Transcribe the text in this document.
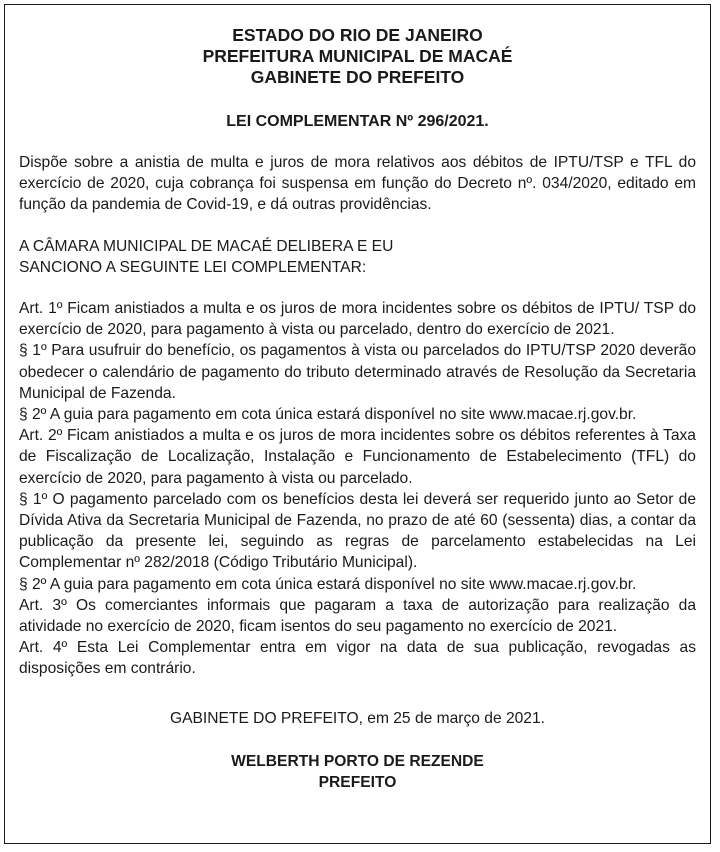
ESTADO DO RIO DE JANEIRO
PREFEITURA MUNICIPAL DE MACAÉ
GABINETE DO PREFEITO
LEI COMPLEMENTAR Nº 296/2021.

Dispõe sobre a anistia de multa e juros de mora relativos aos débitos de IPTU/TSP e TFL do exercício de 2020, cuja cobrança foi suspensa em função do Decreto nº. 034/2020, editado em função da pandemia de Covid-19, e dá outras providências.

A CÂMARA MUNICIPAL DE MACAÉ DELIBERA E EU

SANCIONO A SEGUINTE LEI COMPLEMENTAR:

Art. 1º Ficam anistiados a multa e os juros de mora incidentes sobre os débitos de IPTU/ TSP do exercício de 2020, para pagamento à vista ou parcelado, dentro do exercício de 2021.

§ 1º Para usufruir do benefício, os pagamentos à vista ou parcelados do IPTU/TSP 2020 deverão obedecer o calendário de pagamento do tributo determinado através de Resolução da Secretaria Municipal de Fazenda.

§ 2º A guia para pagamento em cota única estará disponível no site www.macae.rj.gov.br.

Art. 2º Ficam anistiados a multa e os juros de mora incidentes sobre os débitos referentes à Taxa de Fiscalização de Localização, Instalação e Funcionamento de Estabelecimento (TFL) do exercício de 2020, para pagamento à vista ou parcelado.

§ 1º O pagamento parcelado com os benefícios desta lei deverá ser requerido junto ao Setor de Dívida Ativa da Secretaria Municipal de Fazenda, no prazo de até 60 (sessenta) dias, a contar da publicação da presente lei, seguindo as regras de parcelamento estabelecidas na Lei Complementar nº 282/2018 (Código Tributário Municipal).

§ 2º A guia para pagamento em cota única estará disponível no site www.macae.rj.gov.br.

Art. 3º Os comerciantes informais que pagaram a taxa de autorização para realização da atividade no exercício de 2020, ficam isentos do seu pagamento no exercício de 2021.

Art. 4º Esta Lei Complementar entra em vigor na data de sua publicação, revogadas as disposições em contrário.

GABINETE DO PREFEITO, em 25 de março de 2021.
WELBERTH PORTO DE REZENDE
PREFEITO
